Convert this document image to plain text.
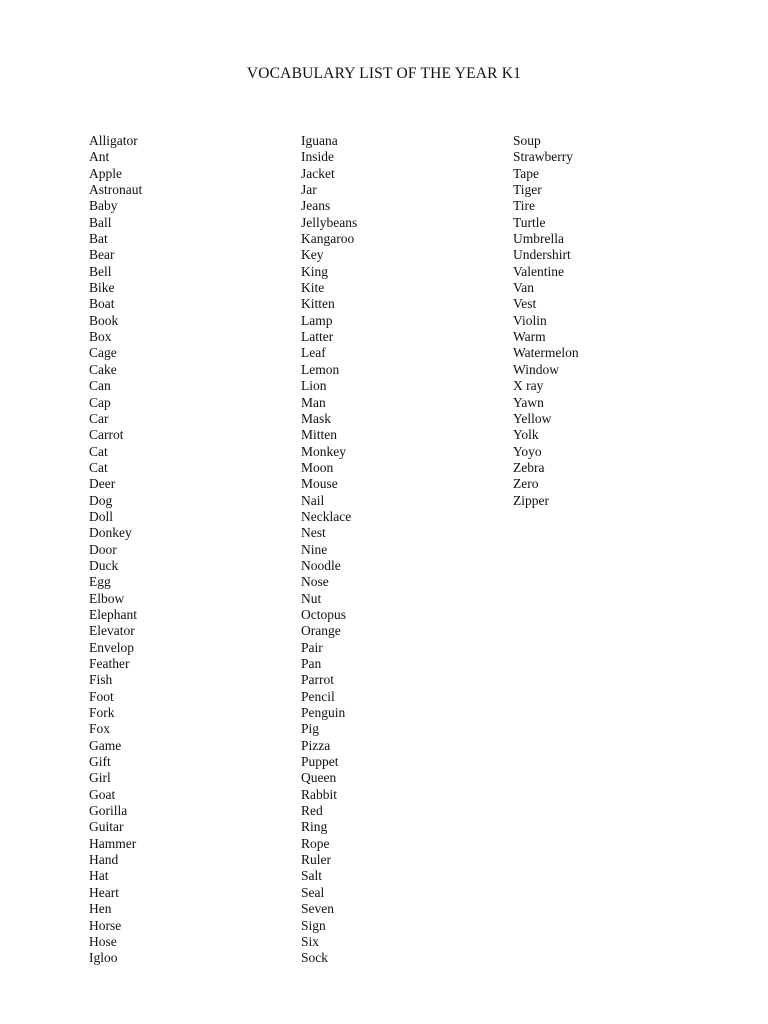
VOCABULARY LIST OF THE YEAR K1
Alligator
Ant
Apple
Astronaut
Baby
Ball
Bat
Bear
Bell
Bike
Boat
Book
Box
Cage
Cake
Can
Cap
Car
Carrot
Cat
Cat
Deer
Dog
Doll
Donkey
Door
Duck
Egg
Elbow
Elephant
Elevator
Envelop
Feather
Fish
Foot
Fork
Fox
Game
Gift
Girl
Goat
Gorilla
Guitar
Hammer
Hand
Hat
Heart
Hen
Horse
Hose
Igloo
Iguana
Inside
Jacket
Jar
Jeans
Jellybeans
Kangaroo
Key
King
Kite
Kitten
Lamp
Latter
Leaf
Lemon
Lion
Man
Mask
Mitten
Monkey
Moon
Mouse
Nail
Necklace
Nest
Nine
Noodle
Nose
Nut
Octopus
Orange
Pair
Pan
Parrot
Pencil
Penguin
Pig
Pizza
Puppet
Queen
Rabbit
Red
Ring
Rope
Ruler
Salt
Seal
Seven
Sign
Six
Sock
Soup
Strawberry
Tape
Tiger
Tire
Turtle
Umbrella
Undershirt
Valentine
Van
Vest
Violin
Warm
Watermelon
Window
X ray
Yawn
Yellow
Yolk
Yoyo
Zebra
Zero
Zipper
